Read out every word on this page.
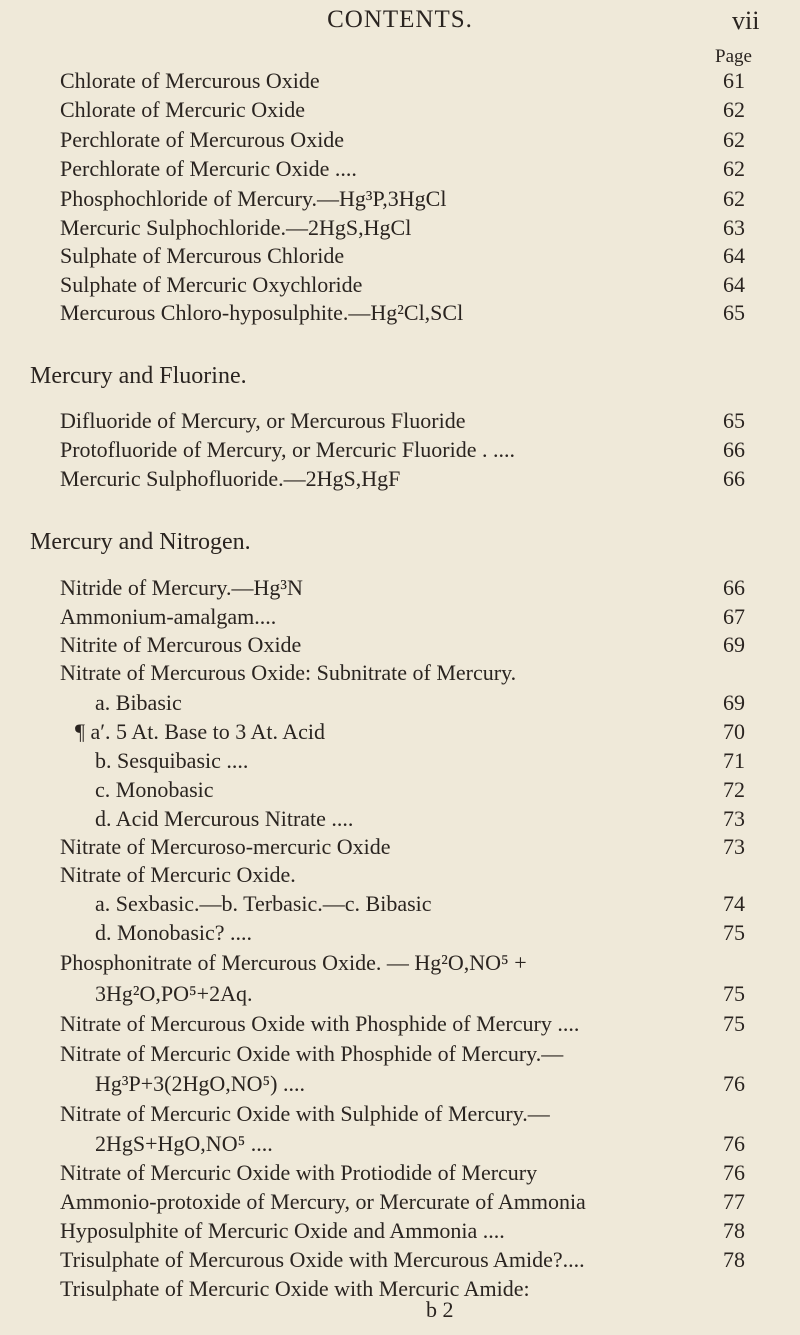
CONTENTS.	vii
Page
Chlorate of Mercurous Oxide	61
Chlorate of Mercuric Oxide	62
Perchlorate of Mercurous Oxide	62
Perchlorate of Mercuric Oxide ....	62
Phosphochloride of Mercury.—Hg³P,3HgCl	62
Mercuric Sulphochloride.—2HgS,HgCl	63
Sulphate of Mercurous Chloride	64
Sulphate of Mercuric Oxychloride	64
Mercurous Chloro-hyposulphite.—Hg²Cl,SCl	65
Mercury and Fluorine.
Difluoride of Mercury, or Mercurous Fluoride	65
Protofluoride of Mercury, or Mercuric Fluoride . ....	66
Mercuric Sulphofluoride.—2HgS,HgF	66
Mercury and Nitrogen.
Nitride of Mercury.—Hg³N	66
Ammonium-amalgam....	67
Nitrite of Mercurous Oxide	69
Nitrate of Mercurous Oxide: Subnitrate of Mercury.
a. Bibasic	69
¶ a′. 5 At. Base to 3 At. Acid	70
b. Sesquibasic ....	71
c. Monobasic	72
d. Acid Mercurous Nitrate ....	73
Nitrate of Mercuroso-mercuric Oxide	73
Nitrate of Mercuric Oxide.
a. Sexbasic.—b. Terbasic.—c. Bibasic	74
d. Monobasic? ....	75
Phosphonitrate of Mercurous Oxide. — Hg²O,NO⁵ +
3Hg²O,PO⁵+2Aq.	75
Nitrate of Mercurous Oxide with Phosphide of Mercury ....	75
Nitrate of Mercuric Oxide with Phosphide of Mercury.—
Hg³P+3(2HgO,NO⁵) ....	76
Nitrate of Mercuric Oxide with Sulphide of Mercury.—
2HgS+HgO,NO⁵ ....	76
Nitrate of Mercuric Oxide with Protiodide of Mercury	76
Ammonio-protoxide of Mercury, or Mercurate of Ammonia	77
Hyposulphite of Mercuric Oxide and Ammonia ....	78
Trisulphate of Mercurous Oxide with Mercurous Amide?....	78
Trisulphate of Mercuric Oxide with Mercuric Amide:
b 2
